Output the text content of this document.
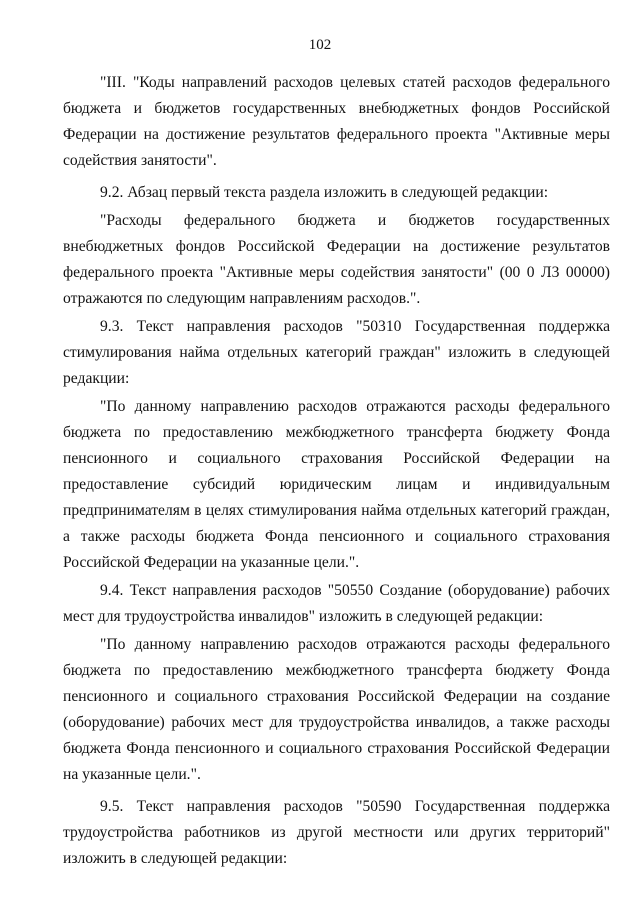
102

"III. "Коды направлений расходов целевых статей расходов федерального бюджета и бюджетов государственных внебюджетных фондов Российской Федерации на достижение результатов федерального проекта "Активные меры содействия занятости".

9.2. Абзац первый текста раздела изложить в следующей редакции:

"Расходы федерального бюджета и бюджетов государственных внебюджетных фондов Российской Федерации на достижение результатов федерального проекта "Активные меры содействия занятости" (00 0 Л3 00000) отражаются по следующим направлениям расходов.".

9.3. Текст направления расходов "50310 Государственная поддержка стимулирования найма отдельных категорий граждан" изложить в следующей редакции:

"По данному направлению расходов отражаются расходы федерального бюджета по предоставлению межбюджетного трансферта бюджету Фонда пенсионного и социального страхования Российской Федерации на предоставление субсидий юридическим лицам и индивидуальным предпринимателям в целях стимулирования найма отдельных категорий граждан, а также расходы бюджета Фонда пенсионного и социального страхования Российской Федерации на указанные цели.".

9.4. Текст направления расходов "50550 Создание (оборудование) рабочих мест для трудоустройства инвалидов" изложить в следующей редакции:

"По данному направлению расходов отражаются расходы федерального бюджета по предоставлению межбюджетного трансферта бюджету Фонда пенсионного и социального страхования Российской Федерации на создание (оборудование) рабочих мест для трудоустройства инвалидов, а также расходы бюджета Фонда пенсионного и социального страхования Российской Федерации на указанные цели.".

9.5. Текст направления расходов "50590 Государственная поддержка трудоустройства работников из другой местности или других территорий" изложить в следующей редакции:
